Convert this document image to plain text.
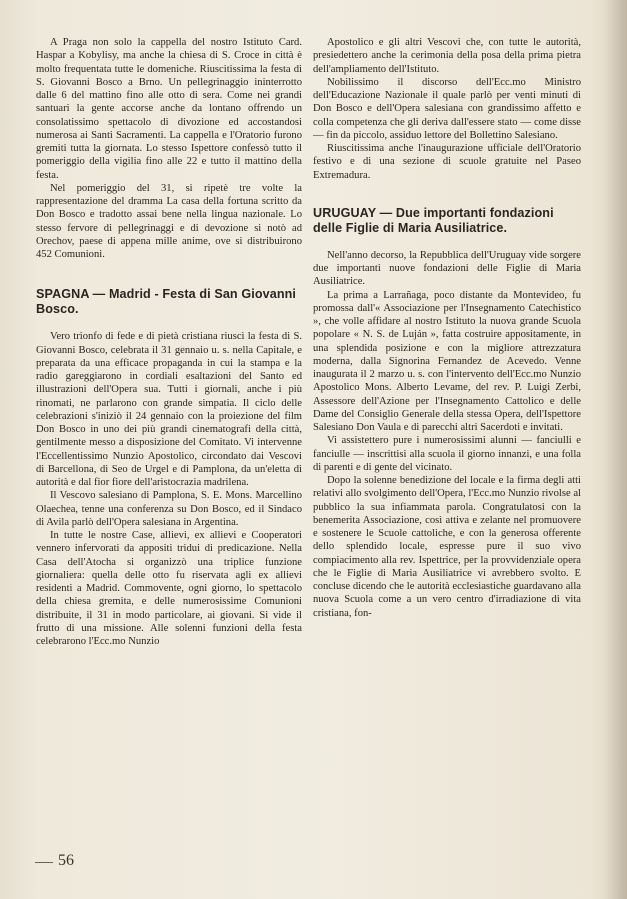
A Praga non solo la cappella del nostro Istituto Card. Haspar a Kobylisy, ma anche la chiesa di S. Croce in città è molto frequentata tutte le domeniche. Riuscitissima la festa di S. Giovanni Bosco a Brno. Un pellegrinaggio ininterrotto dalle 6 del mattino fino alle otto di sera. Come nei grandi santuari la gente accorse anche da lontano offrendo un consolatissimo spettacolo di divozione ed accostandosi numerosa ai Santi Sacramenti. La cappella e l'Oratorio furono gremiti tutta la giornata. Lo stesso Ispettore confessò tutto il pomeriggio della vigilia fino alle 22 e tutto il mattino della festa.

Nel pomeriggio del 31, si ripetè tre volte la rappresentazione del dramma La casa della fortuna scritto da Don Bosco e tradotto assai bene nella lingua nazionale. Lo stesso fervore di pellegrinaggi e di devozione si notò ad Orechov, paese di appena mille anime, ove si distribuirono 452 Comunioni.

SPAGNA — Madrid - Festa di San Giovanni Bosco.

Vero trionfo di fede e di pietà cristiana riuscì la festa di S. Giovanni Bosco, celebrata il 31 gennaio u. s. nella Capitale, e preparata da una efficace propaganda in cui la stampa e la radio gareggiarono in cordiali esaltazioni del Santo ed illustrazioni dell'Opera sua. Tutti i giornali, anche i più rinomati, ne parlarono con grande simpatia. Il ciclo delle celebrazioni s'iniziò il 24 gennaio con la proiezione del film Don Bosco in uno dei più grandi cinematografi della città, gentilmente messo a disposizione del Comitato. Vi intervenne l'Eccellentissimo Nunzio Apostolico, circondato dai Vescovi di Barcellona, di Seo de Urgel e di Pamplona, da un'eletta di autorità e dal fior fiore dell'aristocrazia madrilena.

Il Vescovo salesiano di Pamplona, S. E. Mons. Marcellino Olaechea, tenne una conferenza su Don Bosco, ed il Sindaco di Avila parlò dell'Opera salesiana in Argentina.

In tutte le nostre Case, allievi, ex allievi e Cooperatori vennero infervorati da appositi tridui di predicazione. Nella Casa dell'Atocha si organizzò una triplice funzione giornaliera: quella delle otto fu riservata agli ex allievi residenti a Madrid. Commovente, ogni giorno, lo spettacolo della chiesa gremita, e delle numerosissime Comunioni distribuite, il 31 in modo particolare, ai giovani. Si vide il frutto di una missione. Alle solenni funzioni della festa celebrarono l'Ecc.mo Nunzio

Apostolico e gli altri Vescovi che, con tutte le autorità, presiedettero anche la cerimonia della posa della prima pietra dell'ampliamento dell'Istituto.

Nobilissimo il discorso dell'Ecc.mo Ministro dell'Educazione Nazionale il quale parlò per venti minuti di Don Bosco e dell'Opera salesiana con grandissimo affetto e colla competenza che gli deriva dall'essere stato — come disse — fin da piccolo, assiduo lettore del Bollettino Salesiano.

Riuscitissima anche l'inaugurazione ufficiale dell'Oratorio festivo e di una sezione di scuole gratuite nel Paseo Extremadura.

URUGUAY — Due importanti fondazioni delle Figlie di Maria Ausiliatrice.

Nell'anno decorso, la Repubblica dell'Uruguay vide sorgere due importanti nuove fondazioni delle Figlie di Maria Ausiliatrice.

La prima a Larrañaga, poco distante da Montevideo, fu promossa dall'« Associazione per l'Insegnamento Catechistico », che volle affidare al nostro Istituto la nuova grande Scuola popolare « N. S. de Luján », fatta costruire appositamente, in una splendida posizione e con la migliore attrezzatura moderna, dalla Signorina Fernandez de Acevedo. Venne inaugurata il 2 marzo u. s. con l'intervento dell'Ecc.mo Nunzio Apostolico Mons. Alberto Levame, del rev. P. Luigi Zerbi, Assessore dell'Azione per l'Insegnamento Cattolico e delle Dame del Consiglio Generale della stessa Opera, dell'Ispettore Salesiano Don Vaula e di parecchi altri Sacerdoti e invitati.

Vi assistettero pure i numerosissimi alunni — fanciulli e fanciulle — inscrittisi alla scuola il giorno innanzi, e una folla di parenti e di gente del vicinato.

Dopo la solenne benedizione del locale e la firma degli atti relativi allo svolgimento dell'Opera, l'Ecc.mo Nunzio rivolse al pubblico la sua infiammata parola. Congratulatosi con la benemerita Associazione, così attiva e zelante nel promuovere e sostenere le Scuole cattoliche, e con la generosa offerente dello splendido locale, espresse pure il suo vivo compiacimento alla rev. Ispettrice, per la provvidenziale opera che le Figlie di Maria Ausiliatrice vi avrebbero svolto. E concluse dicendo che le autorità ecclesiastiche guardavano alla nuova Scuola come a un vero centro d'irradiazione di vita cristiana, fon-

56
